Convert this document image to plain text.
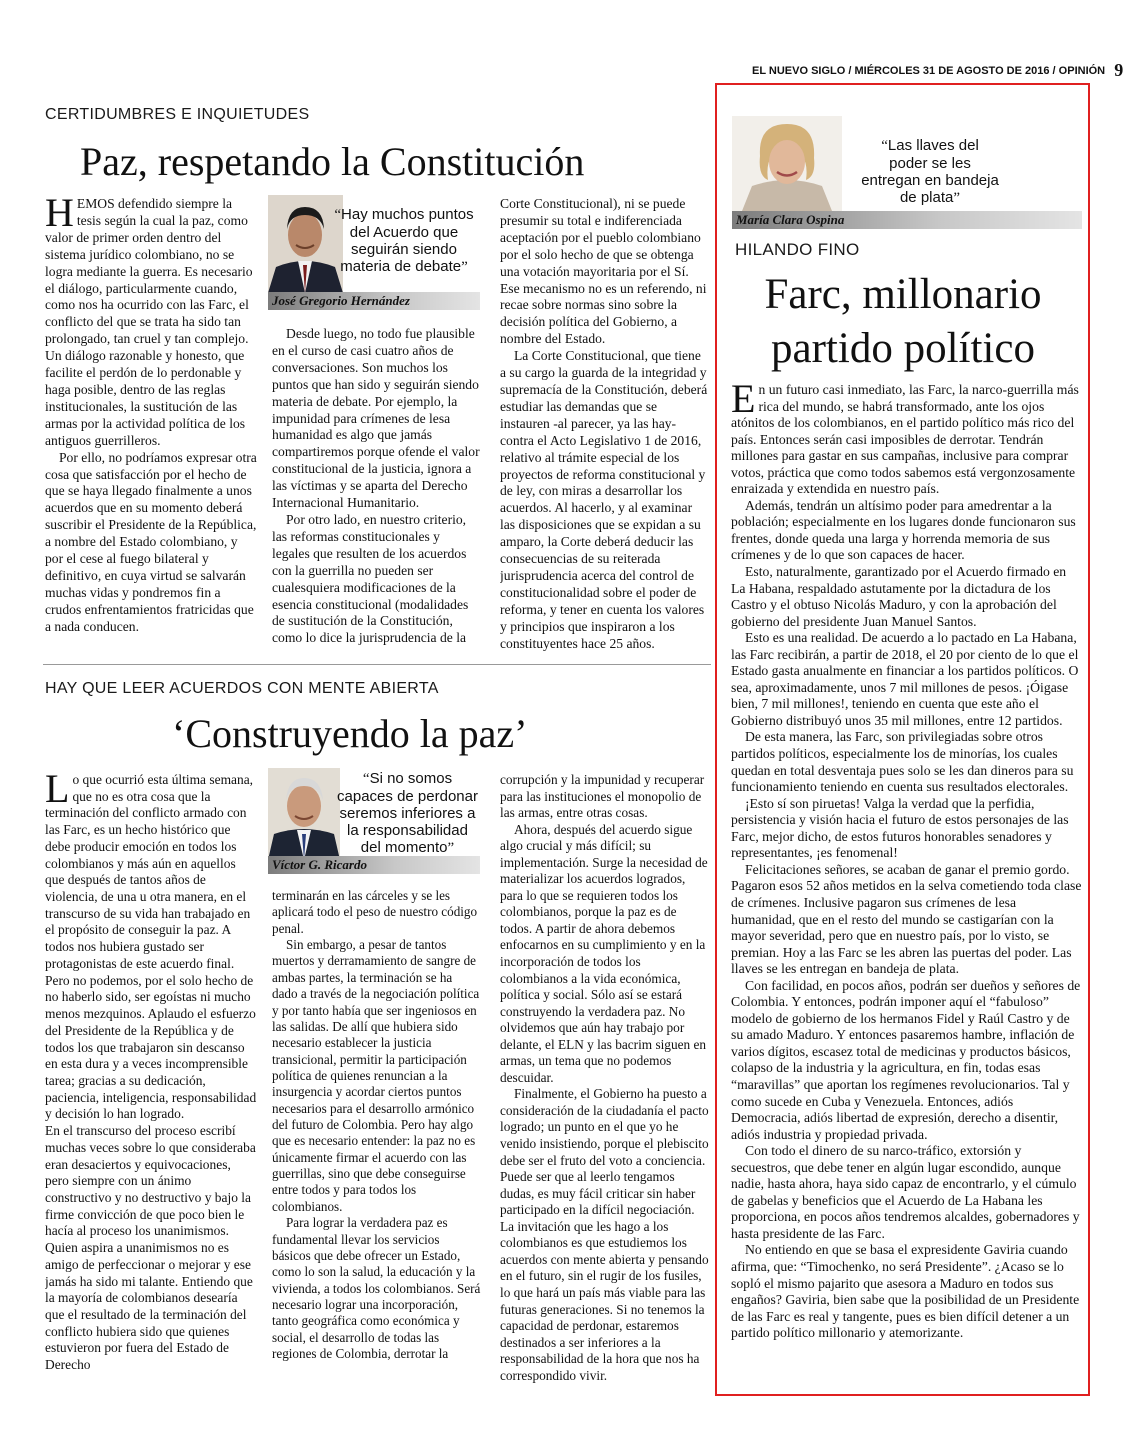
EL NUEVO SIGLO / MIÉRCOLES 31 DE AGOSTO DE 2016 / OPINIÓN 9
CERTIDUMBRES E INQUIETUDES
Paz, respetando la Constitución

HEMOS defendido siempre la tesis según la cual la paz, como valor de primer orden dentro del sistema jurídico colombiano, no se logra mediante la guerra. Es necesario el diálogo, particularmente cuando, como nos ha ocurrido con las Farc, el conflicto del que se trata ha sido tan prolongado, tan cruel y tan complejo. Un diálogo razonable y honesto, que facilite el perdón de lo perdonable y haga posible, dentro de las reglas institucionales, la sustitución de las armas por la actividad política de los antiguos guerrilleros.

Por ello, no podríamos expresar otra cosa que satisfacción por el hecho de que se haya llegado finalmente a unos acuerdos que en su momento deberá suscribir el Presidente de la República, a nombre del Estado colombiano, y por el cese al fuego bilateral y definitivo, en cuya virtud se salvarán muchas vidas y pondremos fin a crudos enfrentamientos fratricidas que a nada conducen.

“Hay muchos puntos del Acuerdo que seguirán siendo materia de debate”
José Gregorio Hernández

Desde luego, no todo fue plausible en el curso de casi cuatro años de conversaciones. Son muchos los puntos que han sido y seguirán siendo materia de debate. Por ejemplo, la impunidad para crímenes de lesa humanidad es algo que jamás compartiremos porque ofende el valor constitucional de la justicia, ignora a las víctimas y se aparta del Derecho Internacional Humanitario.

Por otro lado, en nuestro criterio, las reformas constitucionales y legales que resulten de los acuerdos con la guerrilla no pueden ser cualesquiera modificaciones de la esencia constitucional (modalidades de sustitución de la Constitución, como lo dice la jurisprudencia de la

Corte Constitucional), ni se puede presumir su total e indiferenciada aceptación por el pueblo colombiano por el solo hecho de que se obtenga una votación mayoritaria por el Sí. Ese mecanismo no es un referendo, ni recae sobre normas sino sobre la decisión política del Gobierno, a nombre del Estado.

La Corte Constitucional, que tiene a su cargo la guarda de la integridad y supremacía de la Constitución, deberá estudiar las demandas que se instauren -al parecer, ya las hay- contra el Acto Legislativo 1 de 2016, relativo al trámite especial de los proyectos de reforma constitucional y de ley, con miras a desarrollar los acuerdos. Al hacerlo, y al examinar las disposiciones que se expidan a su amparo, la Corte deberá deducir las consecuencias de su reiterada jurisprudencia acerca del control de constitucionalidad sobre el poder de reforma, y tener en cuenta los valores y principios que inspiraron a los constituyentes hace 25 años.

HAY QUE LEER ACUERDOS CON MENTE ABIERTA
‘Construyendo la paz’

Lo que ocurrió esta última semana, que no es otra cosa que la terminación del conflicto armado con las Farc, es un hecho histórico que debe producir emoción en todos los colombianos y más aún en aquellos que después de tantos años de violencia, de una u otra manera, en el transcurso de su vida han trabajado en el propósito de conseguir la paz. A todos nos hubiera gustado ser protagonistas de este acuerdo final. Pero no podemos, por el solo hecho de no haberlo sido, ser egoístas ni mucho menos mezquinos. Aplaudo el esfuerzo del Presidente de la República y de todos los que trabajaron sin descanso en esta dura y a veces incomprensible tarea; gracias a su dedicación, paciencia, inteligencia, responsabilidad y decisión lo han logrado.

En el transcurso del proceso escribí muchas veces sobre lo que consideraba eran desaciertos y equivocaciones, pero siempre con un ánimo constructivo y no destructivo y bajo la firme convicción de que poco bien le hacía al proceso los unanimismos. Quien aspira a unanimismos no es amigo de perfeccionar o mejorar y ese jamás ha sido mi talante. Entiendo que la mayoría de colombianos desearía que el resultado de la terminación del conflicto hubiera sido que quienes estuvieron por fuera del Estado de Derecho

“Si no somos capaces de perdonar seremos inferiores a la responsabilidad del momento”
Víctor G. Ricardo

terminarán en las cárceles y se les aplicará todo el peso de nuestro código penal.

Sin embargo, a pesar de tantos muertos y derramamiento de sangre de ambas partes, la terminación se ha dado a través de la negociación política y por tanto había que ser ingeniosos en las salidas. De allí que hubiera sido necesario establecer la justicia transicional, permitir la participación política de quienes renuncian a la insurgencia y acordar ciertos puntos necesarios para el desarrollo armónico del futuro de Colombia. Pero hay algo que es necesario entender: la paz no es únicamente firmar el acuerdo con las guerrillas, sino que debe conseguirse entre todos y para todos los colombianos.

Para lograr la verdadera paz es fundamental llevar los servicios básicos que debe ofrecer un Estado, como lo son la salud, la educación y la vivienda, a todos los colombianos. Será necesario lograr una incorporación, tanto geográfica como económica y social, el desarrollo de todas las regiones de Colombia, derrotar la

corrupción y la impunidad y recuperar para las instituciones el monopolio de las armas, entre otras cosas.

Ahora, después del acuerdo sigue algo crucial y más difícil; su implementación. Surge la necesidad de materializar los acuerdos logrados, para lo que se requieren todos los colombianos, porque la paz es de todos. A partir de ahora debemos enfocarnos en su cumplimiento y en la incorporación de todos los colombianos a la vida económica, política y social. Sólo así se estará construyendo la verdadera paz. No olvidemos que aún hay trabajo por delante, el ELN y las bacrim siguen en armas, un tema que no podemos descuidar.

Finalmente, el Gobierno ha puesto a consideración de la ciudadanía el pacto logrado; un punto en el que yo he venido insistiendo, porque el plebiscito debe ser el fruto del voto a conciencia. Puede ser que al leerlo tengamos dudas, es muy fácil criticar sin haber participado en la difícil negociación. La invitación que les hago a los colombianos es que estudiemos los acuerdos con mente abierta y pensando en el futuro, sin el rugir de los fusiles, lo que hará un país más viable para las futuras generaciones. Si no tenemos la capacidad de perdonar, estaremos destinados a ser inferiores a la responsabilidad de la hora que nos ha correspondido vivir.

“Las llaves del poder se les entregan en bandeja de plata”
María Clara Ospina
HILANDO FINO
Farc, millonario
partido político

En un futuro casi inmediato, las Farc, la narco-guerrilla más rica del mundo, se habrá transformado, ante los ojos atónitos de los colombianos, en el partido político más rico del país. Entonces serán casi imposibles de derrotar. Tendrán millones para gastar en sus campañas, inclusive para comprar votos, práctica que como todos sabemos está vergonzosamente enraizada y extendida en nuestro país.

Además, tendrán un altísimo poder para amedrentar a la población; especialmente en los lugares donde funcionaron sus frentes, donde queda una larga y horrenda memoria de sus crímenes y de lo que son capaces de hacer.

Esto, naturalmente, garantizado por el Acuerdo firmado en La Habana, respaldado astutamente por la dictadura de los Castro y el obtuso Nicolás Maduro, y con la aprobación del gobierno del presidente Juan Manuel Santos.

Esto es una realidad. De acuerdo a lo pactado en La Habana, las Farc recibirán, a partir de 2018, el 20 por ciento de lo que el Estado gasta anualmente en financiar a los partidos políticos. O sea, aproximadamente, unos 7 mil millones de pesos. ¡Óigase bien, 7 mil millones!, teniendo en cuenta que este año el Gobierno distribuyó unos 35 mil millones, entre 12 partidos.

De esta manera, las Farc, son privilegiadas sobre otros partidos políticos, especialmente los de minorías, los cuales quedan en total desventaja pues solo se les dan dineros para su funcionamiento teniendo en cuenta sus resultados electorales.

¡Esto sí son piruetas! Valga la verdad que la perfidia, persistencia y visión hacia el futuro de estos personajes de las Farc, mejor dicho, de estos futuros honorables senadores y representantes, ¡es fenomenal!

Felicitaciones señores, se acaban de ganar el premio gordo. Pagaron esos 52 años metidos en la selva cometiendo toda clase de crímenes. Inclusive pagaron sus crímenes de lesa humanidad, que en el resto del mundo se castigarían con la mayor severidad, pero que en nuestro país, por lo visto, se premian. Hoy a las Farc se les abren las puertas del poder. Las llaves se les entregan en bandeja de plata.

Con facilidad, en pocos años, podrán ser dueños y señores de Colombia. Y entonces, podrán imponer aquí el “fabuloso” modelo de gobierno de los hermanos Fidel y Raúl Castro y de su amado Maduro. Y entonces pasaremos hambre, inflación de varios dígitos, escasez total de medicinas y productos básicos, colapso de la industria y la agricultura, en fin, todas esas “maravillas” que aportan los regímenes revolucionarios. Tal y como sucede en Cuba y Venezuela. Entonces, adiós Democracia, adiós libertad de expresión, derecho a disentir, adiós industria y propiedad privada.

Con todo el dinero de su narco-tráfico, extorsión y secuestros, que debe tener en algún lugar escondido, aunque nadie, hasta ahora, haya sido capaz de encontrarlo, y el cúmulo de gabelas y beneficios que el Acuerdo de La Habana les proporciona, en pocos años tendremos alcaldes, gobernadores y hasta presidente de las Farc.

No entiendo en que se basa el expresidente Gaviria cuando afirma, que: “Timochenko, no será Presidente”. ¿Acaso se lo sopló el mismo pajarito que asesora a Maduro en todos sus engaños? Gaviria, bien sabe que la posibilidad de un Presidente de las Farc es real y tangente, pues es bien difícil detener a un partido político millonario y atemorizante.
